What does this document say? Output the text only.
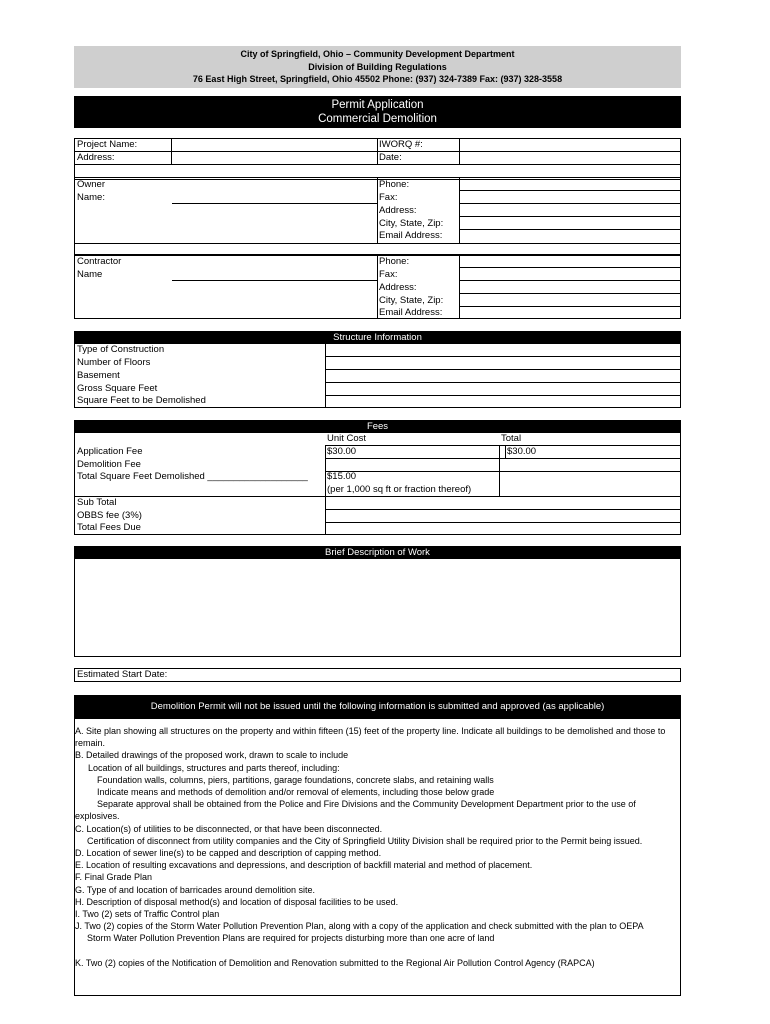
City of Springfield, Ohio – Community Development Department
Division of Building Regulations
76 East High Street, Springfield, Ohio 45502 Phone: (937) 324-7389 Fax: (937) 328-3558
Permit Application
Commercial Demolition
Project Name:
Address:
IWORQ #:
Date:
Owner
Name:
Phone:
Fax:
Address:
City, State, Zip:
Email Address:
Contractor
Name
Phone:
Fax:
Address:
City, State, Zip:
Email Address:
Structure Information
Type of Construction
Number of Floors
Basement
Gross Square Feet
Square Feet to be Demolished
Fees
Unit Cost	Total
Application Fee	$30.00	$30.00
Demolition Fee
Total Square Feet Demolished ___________________ $15.00
(per 1,000 sq ft or fraction thereof)
Sub Total
OBBS fee (3%)
Total Fees Due
Brief Description of Work
Estimated Start Date:
Demolition Permit will not be issued until the following information is submitted and approved (as applicable)
A. Site plan showing all structures on the property and within fifteen (15) feet of the property line. Indicate all buildings to be demolished and those to remain.
B. Detailed drawings of the proposed work, drawn to scale to include
Location of all buildings, structures and parts thereof, including:
Foundation walls, columns, piers, partitions, garage foundations, concrete slabs, and retaining walls
Indicate means and methods of demolition and/or removal of elements, including those below grade
Separate approval shall be obtained from the Police and Fire Divisions and the Community Development Department prior to the use of explosives.
C. Location(s) of utilities to be disconnected, or that have been disconnected.
Certification of disconnect from utility companies and the City of Springfield Utility Division shall be required prior to the Permit being issued.
D. Location of sewer line(s) to be capped and description of capping method.
E. Location of resulting excavations and depressions, and description of backfill material and method of placement.
F. Final Grade Plan
G. Type of and location of barricades around demolition site.
H. Description of disposal method(s) and location of disposal facilities to be used.
I. Two (2) sets of Traffic Control plan
J. Two (2) copies of the Storm Water Pollution Prevention Plan, along with a copy of the application and check submitted with the plan to OEPA
Storm Water Pollution Prevention Plans are required for projects disturbing more than one acre of land
K. Two (2) copies of the Notification of Demolition and Renovation submitted to the Regional Air Pollution Control Agency (RAPCA)
